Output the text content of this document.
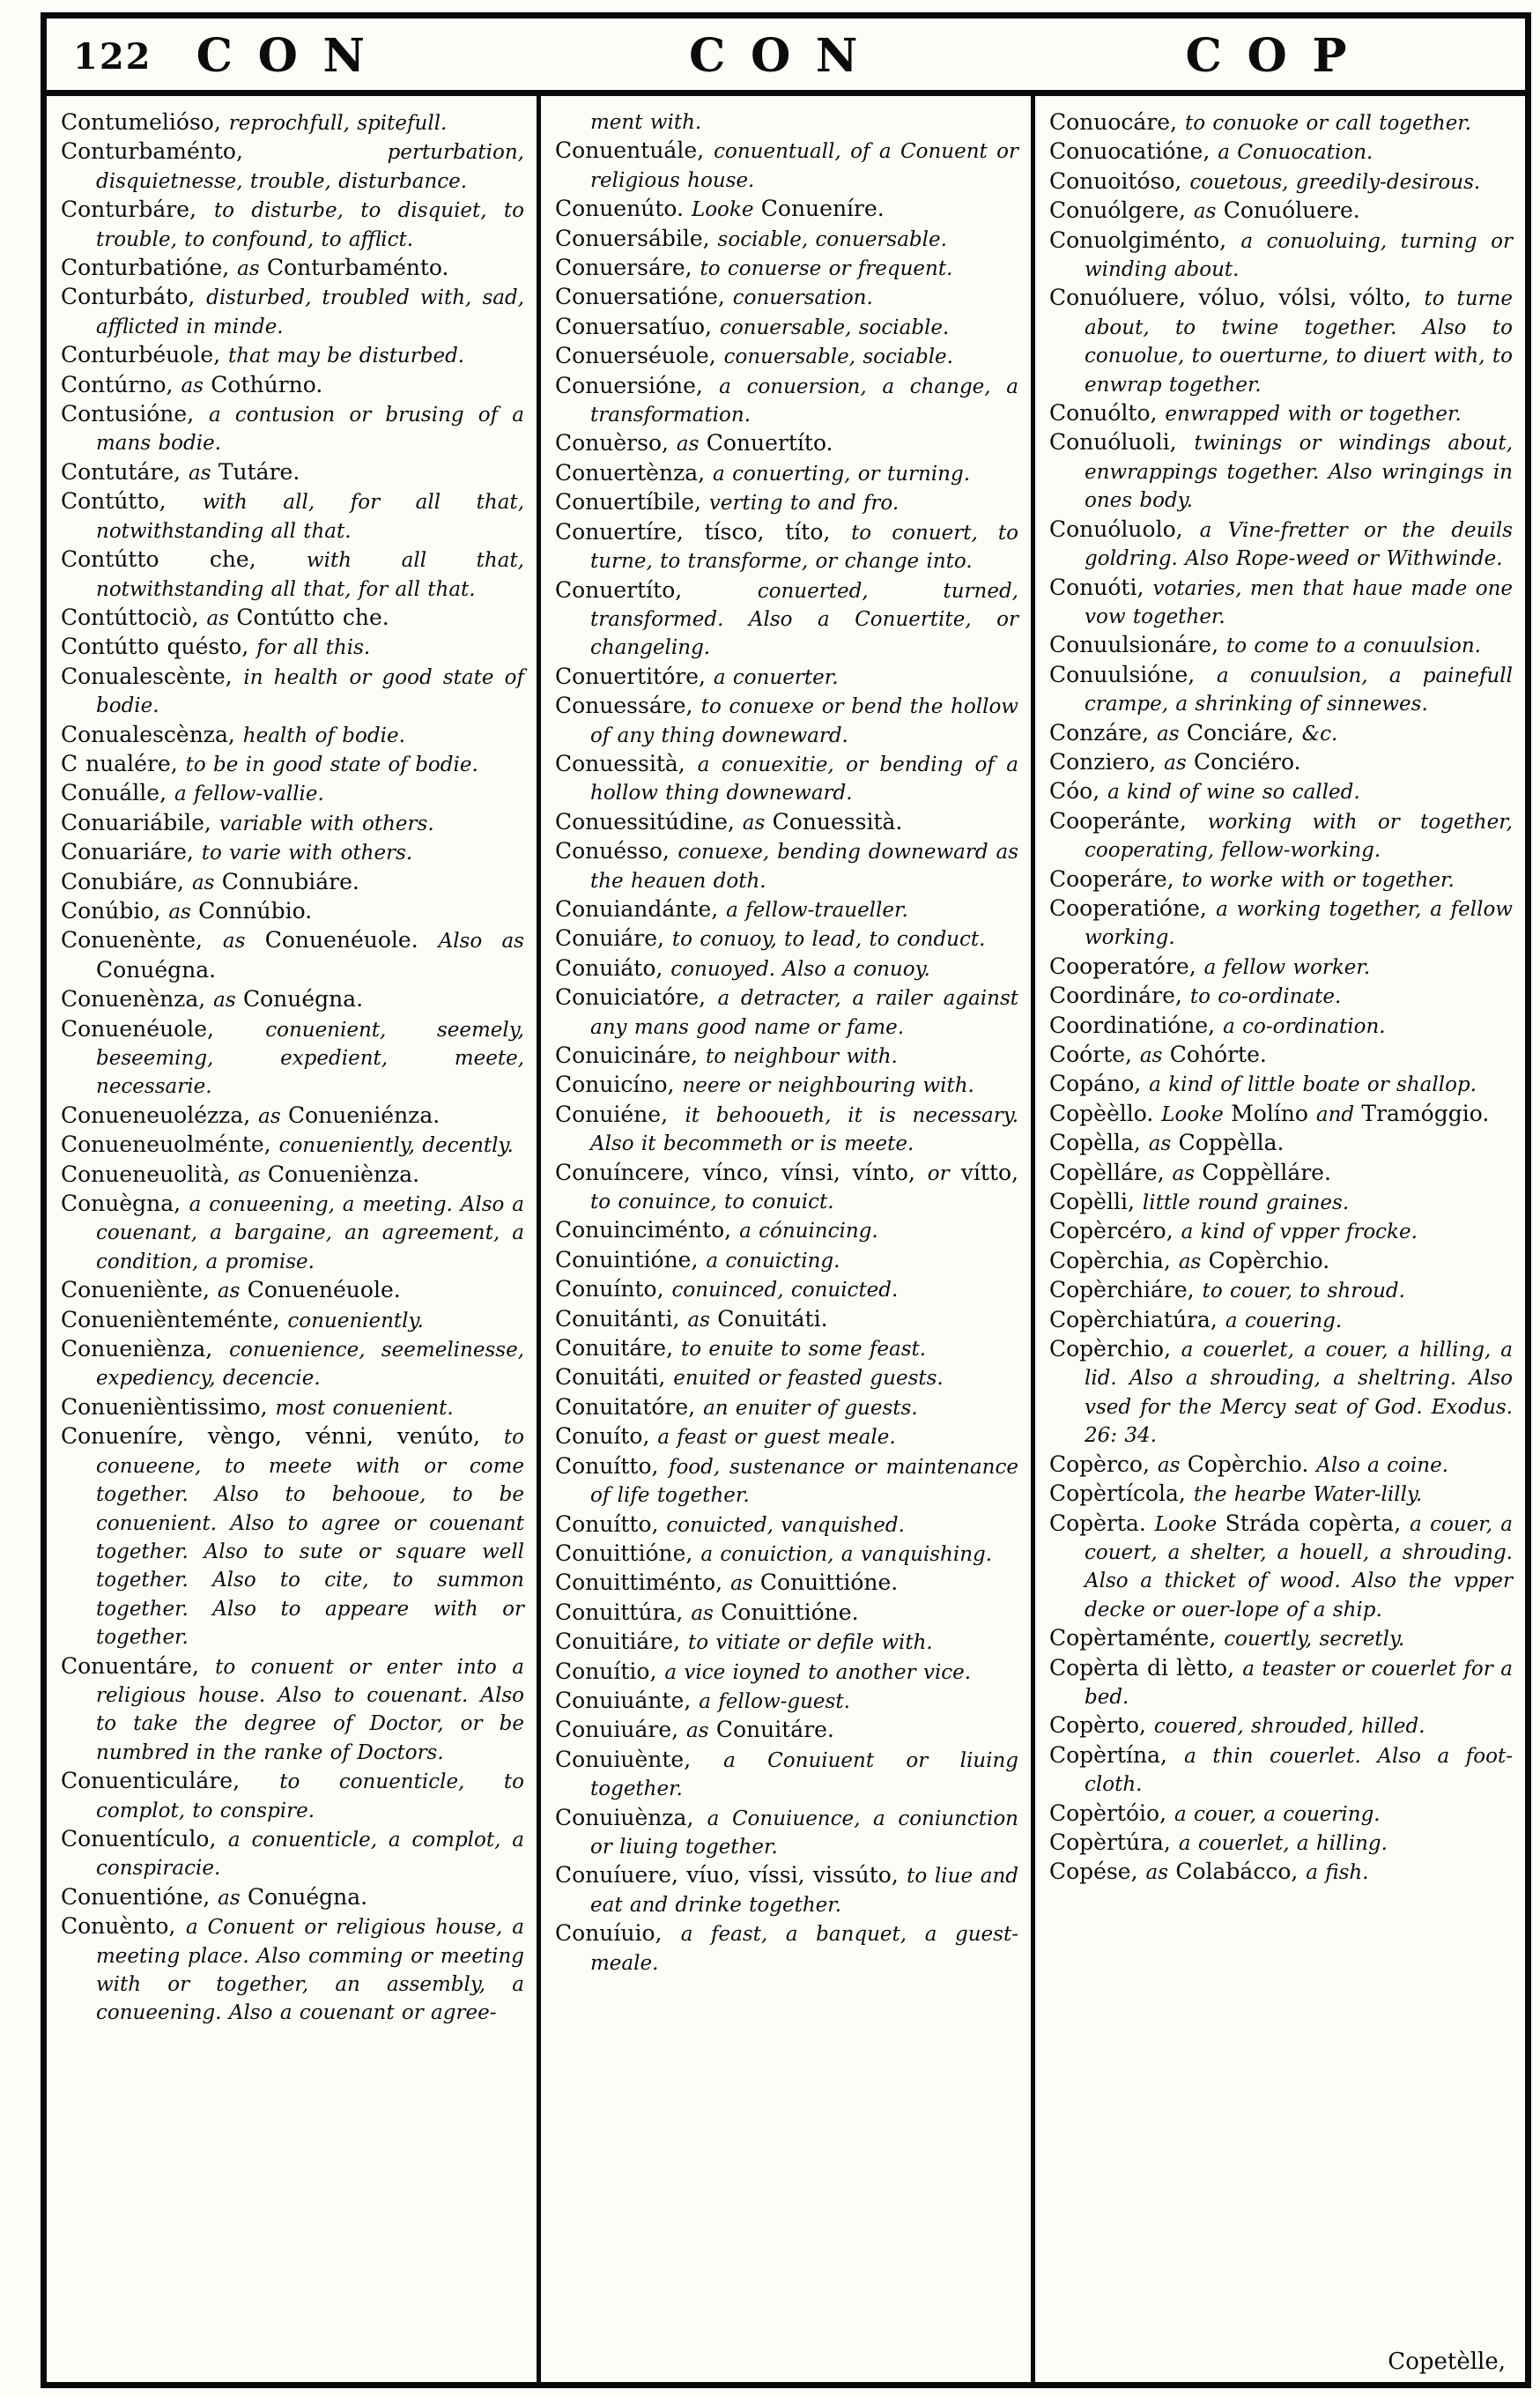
122 CON	CON	COP
Contumelióso, reprochfull, spitefull.
Conturbaménto, perturbation, disquietnesse, trouble, disturbance.
Conturbáre, to disturbe, to disquiet, to trouble, to confound, to afflict.
Conturbatióne, as Conturbaménto.
Conturbáto, disturbed, troubled with, sad, afflicted in minde.
Conturbéuole, that may be disturbed.
Contúrno, as Cothúrno.
Contusióne, a contusion or brusing of a mans bodie.
Contutáre, as Tutáre.
Contútto, with all, for all that, notwithstanding all that.
Contútto che, with all that, notwithstanding all that, for all that.
Contúttociò, as Contútto che.
Contútto quésto, for all this.
Conualescènte, in health or good state of bodie.
Conualescènza, health of bodie.
C nualére, to be in good state of bodie.
Conuálle, a fellow-vallie.
Conuariábile, variable with others.
Conuariáre, to varie with others.
Conubiáre, as Connubiáre.
Conúbio, as Connúbio.
Conuenènte, as Conuenéuole. Also as Conuégna.
Conuenènza, as Conuégna.
Conuenéuole, conuenient, seemely, beseeming, expedient, meete, necessarie.
Conueneuolézza, as Conueniénza.
Conueneuolménte, conueniently, decently.
Conueneuolità, as Conueniènza.
Conuègna, a conueening, a meeting. Also a couenant, a bargaine, an agreement, a condition, a promise.
Conueniènte, as Conuenéuole.
Conueniènteménte, conueniently.
Conueniènza, conuenience, seemelinesse, expediency, decencie.
Conuenièntissimo, most conuenient.
Conueníre, vèngo, vénni, venúto, to conueene, to meete with or come together. Also to behooue, to be conuenient. Also to agree or couenant together. Also to sute or square well together. Also to cite, to summon together. Also to appeare with or together.
Conuentáre, to conuent or enter into a religious house. Also to couenant. Also to take the degree of Doctor, or be numbred in the ranke of Doctors.
Conuenticuláre, to conuenticle, to complot, to conspire.
Conuentículo, a conuenticle, a complot, a conspiracie.
Conuentióne, as Conuégna.
Conuènto, a Conuent or religious house, a meeting place. Also comming or meeting with or together, an assembly, a conueening. Also a couenant or agree-
ment with.
Conuentuále, conuentuall, of a Conuent or religious house.
Conuenúto. Looke Conueníre.
Conuersábile, sociable, conuersable.
Conuersáre, to conuerse or frequent.
Conuersatióne, conuersation.
Conuersatíuo, conuersable, sociable.
Conuerséuole, conuersable, sociable.
Conuersióne, a conuersion, a change, a transformation.
Conuèrso, as Conuertíto.
Conuertènza, a conuerting, or turning.
Conuertíbile, verting to and fro.
Conuertíre, tísco, títo, to conuert, to turne, to transforme, or change into.
Conuertíto, conuerted, turned, transformed. Also a Conuertite, or changeling.
Conuertitóre, a conuerter.
Conuessáre, to conuexe or bend the hollow of any thing downeward.
Conuessità, a conuexitie, or bending of a hollow thing downeward.
Conuessitúdine, as Conuessità.
Conuésso, conuexe, bending downeward as the heauen doth.
Conuiandánte, a fellow-traueller.
Conuiáre, to conuoy, to lead, to conduct.
Conuiáto, conuoyed. Also a conuoy.
Conuiciatóre, a detracter, a railer against any mans good name or fame.
Conuicináre, to neighbour with.
Conuicíno, neere or neighbouring with.
Conuiéne, it behooueth, it is necessary. Also it becommeth or is meete.
Conuíncere, vínco, vínsi, vínto, or vítto, to conuince, to conuict.
Conuinciménto, a cónuincing.
Conuintióne, a conuicting.
Conuínto, conuinced, conuicted.
Conuitánti, as Conuitáti.
Conuitáre, to enuite to some feast.
Conuitáti, enuited or feasted guests.
Conuitatóre, an enuiter of guests.
Conuíto, a feast or guest meale.
Conuítto, food, sustenance or maintenance of life together.
Conuítto, conuicted, vanquished.
Conuittióne, a conuiction, a vanquishing.
Conuittiménto, as Conuittióne.
Conuittúra, as Conuittióne.
Conuitiáre, to vitiate or defile with.
Conuítio, a vice ioyned to another vice.
Conuiuánte, a fellow-guest.
Conuiuáre, as Conuitáre.
Conuiuènte, a Conuiuent or liuing together.
Conuiuènza, a Conuiuence, a coniunction or liuing together.
Conuíuere, víuo, víssi, vissúto, to liue and eat and drinke together.
Conuíuio, a feast, a banquet, a guest-meale.
Copetèlle,
Conuocáre, to conuoke or call together.
Conuocatióne, a Conuocation.
Conuoitóso, couetous, greedily-desirous.
Conuólgere, as Conuóluere.
Conuolgiménto, a conuoluing, turning or winding about.
Conuóluere, vóluo, vólsi, vólto, to turne about, to twine together. Also to conuolue, to ouerturne, to diuert with, to enwrap together.
Conuólto, enwrapped with or together.
Conuóluoli, twinings or windings about, enwrappings together. Also wringings in ones body.
Conuóluolo, a Vine-fretter or the deuils goldring. Also Rope-weed or Withwinde.
Conuóti, votaries, men that haue made one vow together.
Conuulsionáre, to come to a conuulsion.
Conuulsióne, a conuulsion, a painefull crampe, a shrinking of sinnewes.
Conzáre, as Conciáre, &c.
Conziero, as Conciéro.
Cóo, a kind of wine so called.
Cooperánte, working with or together, cooperating, fellow-working.
Cooperáre, to worke with or together.
Cooperatióne, a working together, a fellow working.
Cooperatóre, a fellow worker.
Coordináre, to co-ordinate.
Coordinatióne, a co-ordination.
Coórte, as Cohórte.
Copáno, a kind of little boate or shallop.
Copèèllo. Looke Molíno and Tramóggio.
Copèlla, as Coppèlla.
Copèlláre, as Coppèlláre.
Copèlli, little round graines.
Copèrcéro, a kind of vpper frocke.
Copèrchia, as Copèrchio.
Copèrchiáre, to couer, to shroud.
Copèrchiatúra, a couering.
Copèrchio, a couerlet, a couer, a hilling, a lid. Also a shrouding, a sheltring. Also vsed for the Mercy seat of God. Exodus. 26: 34.
Copèrco, as Copèrchio. Also a coine.
Copèrtícola, the hearbe Water-lilly.
Copèrta. Looke Stráda copèrta, a couer, a couert, a shelter, a houell, a shrouding. Also a thicket of wood. Also the vpper decke or ouer-lope of a ship.
Copèrtaménte, couertly, secretly.
Copèrta di lètto, a teaster or couerlet for a bed.
Copèrto, couered, shrouded, hilled.
Copèrtína, a thin couerlet. Also a foot-cloth.
Copèrtóio, a couer, a couering.
Copèrtúra, a couerlet, a hilling.
Copése, as Colabácco, a fish.
